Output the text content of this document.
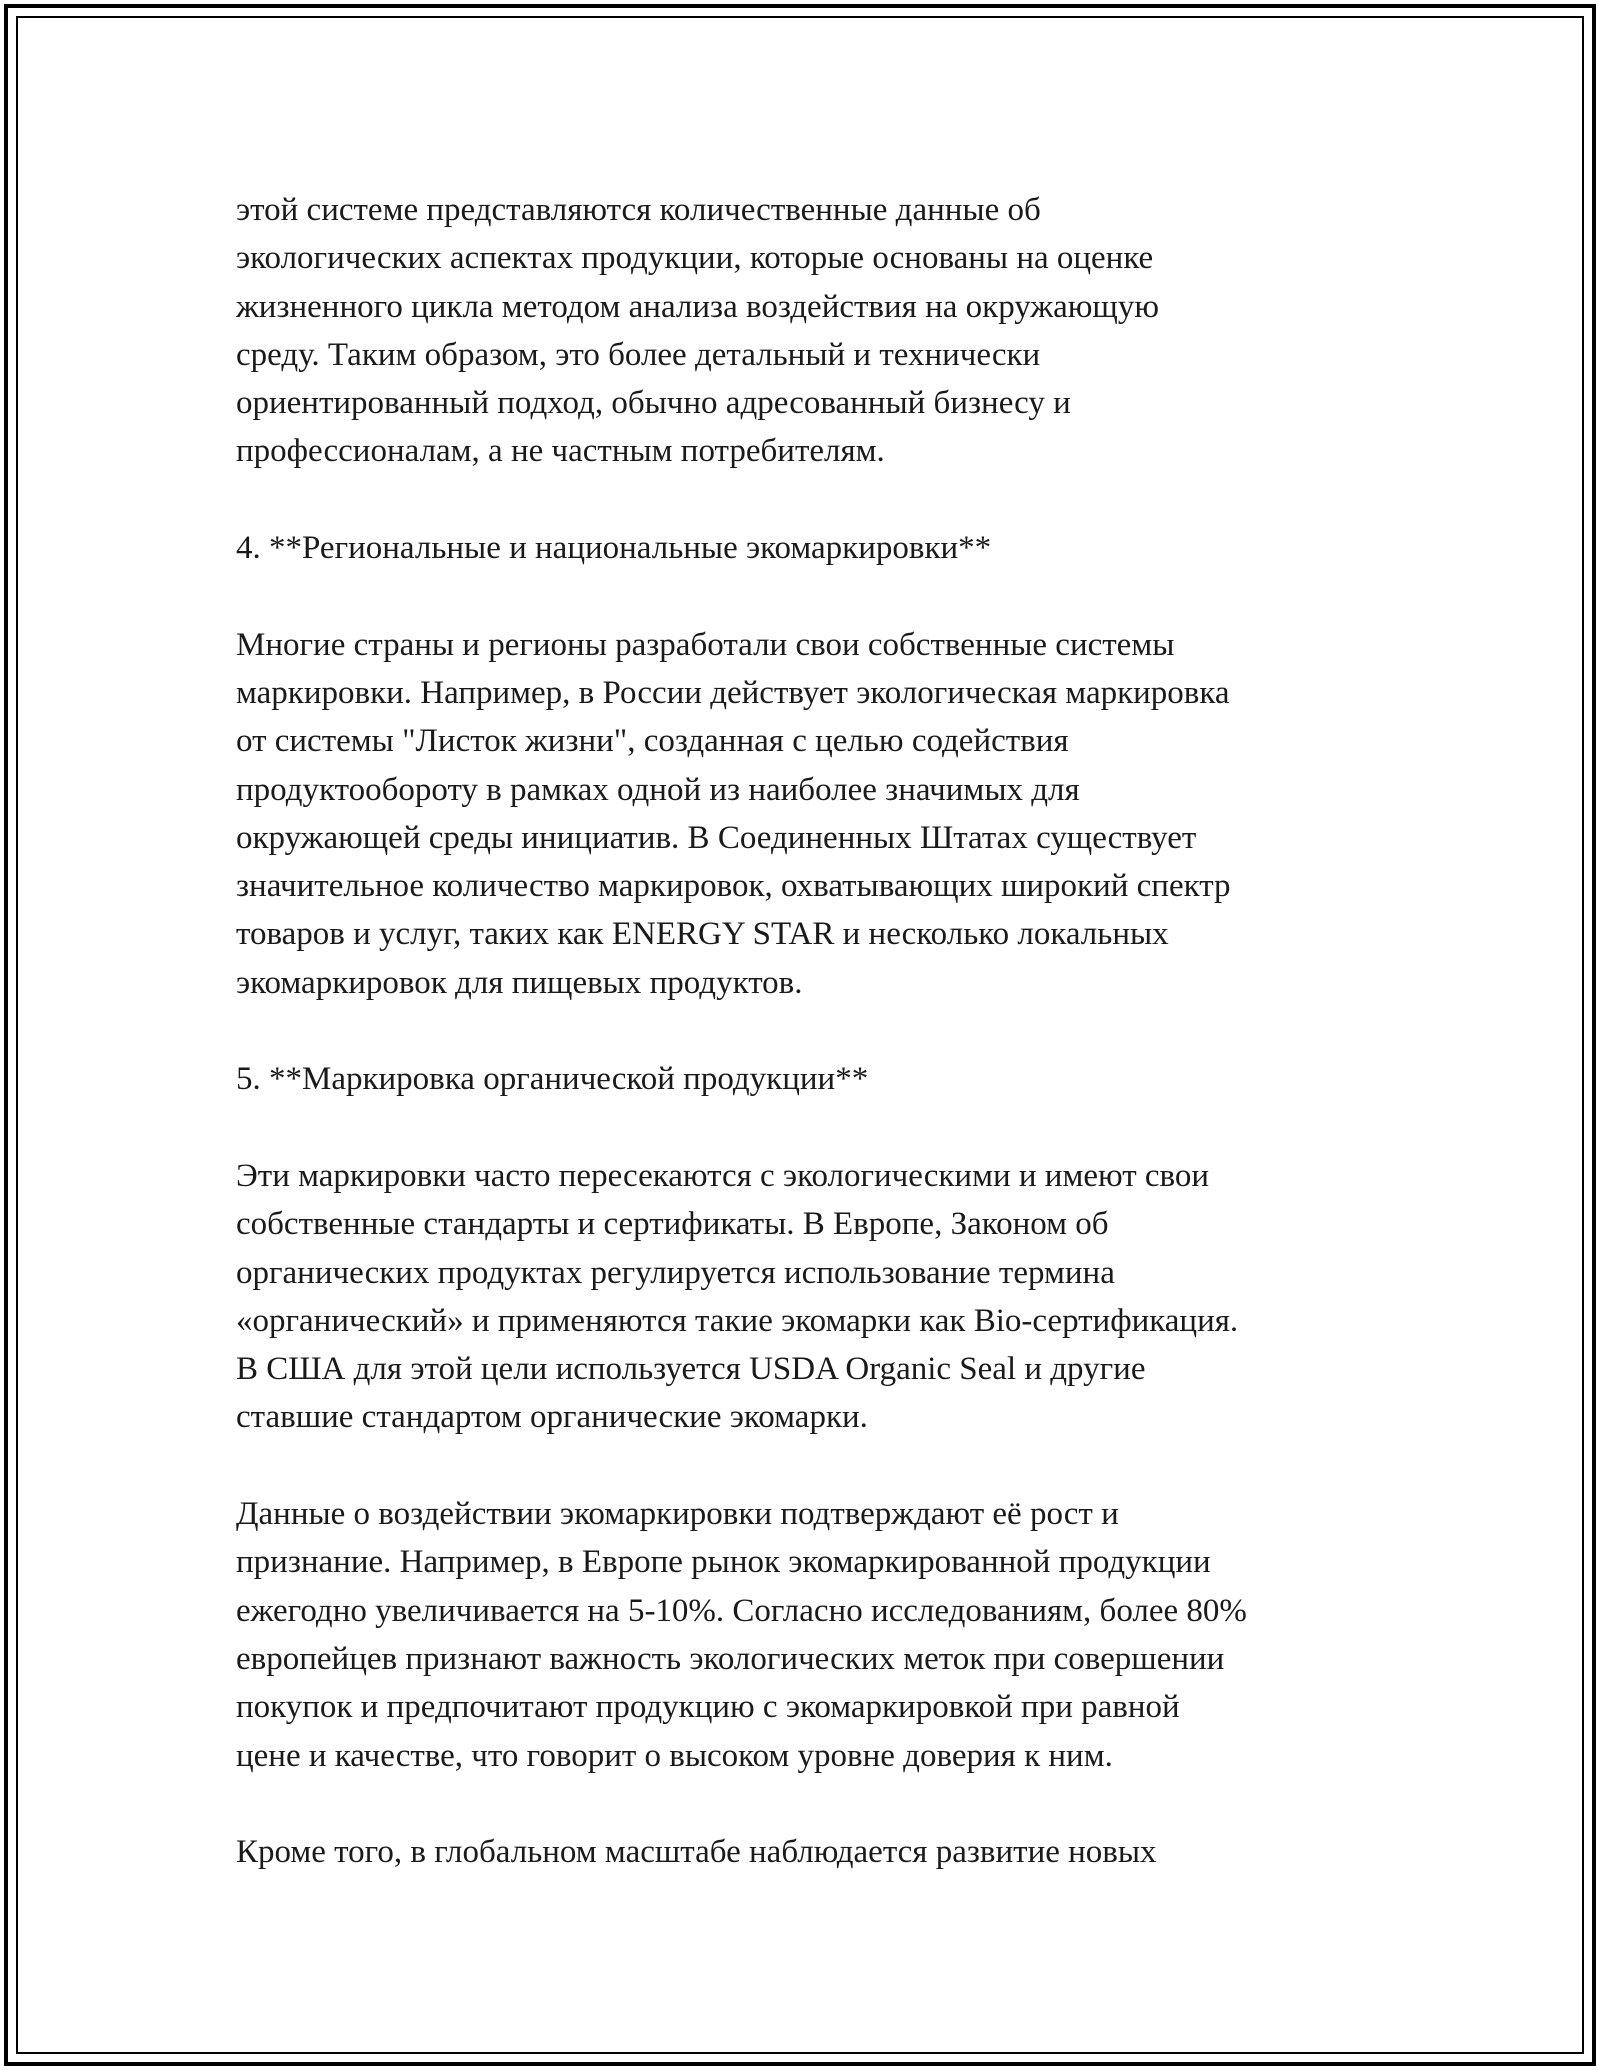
этой системе представляются количественные данные об
экологических аспектах продукции, которые основаны на оценке
жизненного цикла методом анализа воздействия на окружающую
среду. Таким образом, это более детальный и технически
ориентированный подход, обычно адресованный бизнесу и
профессионалам, а не частным потребителям.

4. **Региональные и национальные экомаркировки**

Многие страны и регионы разработали свои собственные системы
маркировки. Например, в России действует экологическая маркировка
от системы "Листок жизни", созданная с целью содействия
продуктообороту в рамках одной из наиболее значимых для
окружающей среды инициатив. В Соединенных Штатах существует
значительное количество маркировок, охватывающих широкий спектр
товаров и услуг, таких как ENERGY STAR и несколько локальных
экомаркировок для пищевых продуктов.

5. **Маркировка органической продукции**

Эти маркировки часто пересекаются с экологическими и имеют свои
собственные стандарты и сертификаты. В Европе, Законом об
органических продуктах регулируется использование термина
«органический» и применяются такие экомарки как Bio-сертификация.
В США для этой цели используется USDA Organic Seal и другие
ставшие стандартом органические экомарки.

Данные о воздействии экомаркировки подтверждают её рост и
признание. Например, в Европе рынок экомаркированной продукции
ежегодно увеличивается на 5-10%. Согласно исследованиям, более 80%
европейцев признают важность экологических меток при совершении
покупок и предпочитают продукцию с экомаркировкой при равной
цене и качестве, что говорит о высоком уровне доверия к ним.

Кроме того, в глобальном масштабе наблюдается развитие новых
